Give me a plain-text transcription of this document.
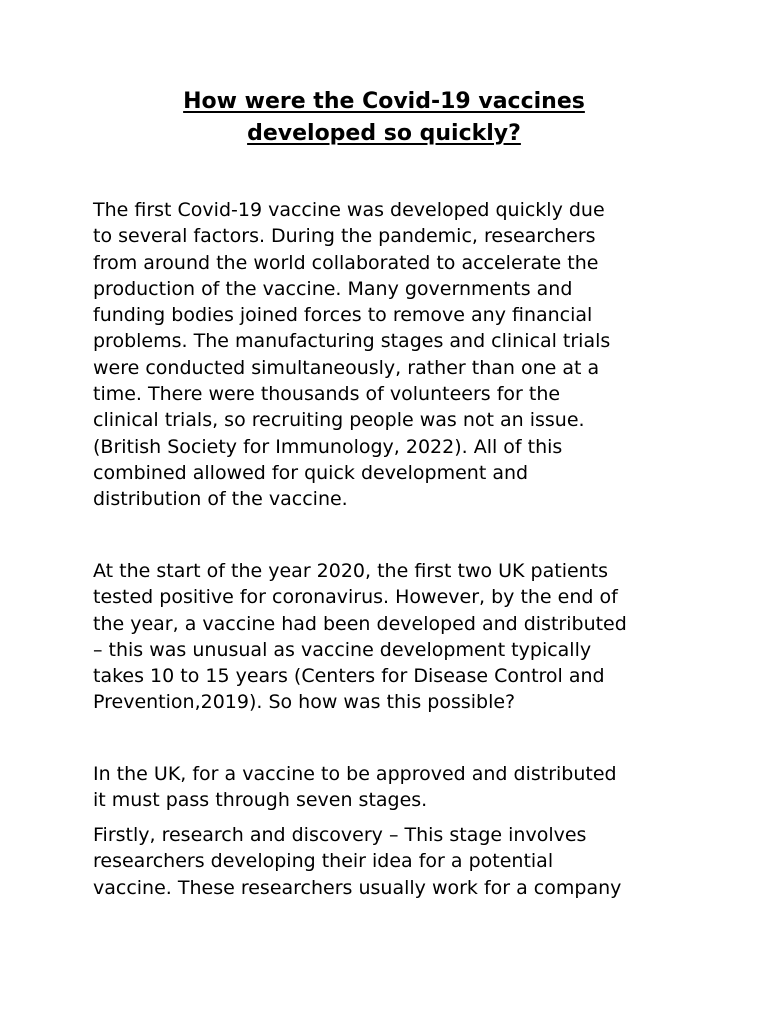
How were the Covid-19 vaccines
developed so quickly?

The first Covid-19 vaccine was developed quickly due
to several factors. During the pandemic, researchers
from around the world collaborated to accelerate the
production of the vaccine. Many governments and
funding bodies joined forces to remove any financial
problems. The manufacturing stages and clinical trials
were conducted simultaneously, rather than one at a
time. There were thousands of volunteers for the
clinical trials, so recruiting people was not an issue.
(British Society for Immunology, 2022). All of this
combined allowed for quick development and
distribution of the vaccine.

At the start of the year 2020, the first two UK patients
tested positive for coronavirus. However, by the end of
the year, a vaccine had been developed and distributed
– this was unusual as vaccine development typically
takes 10 to 15 years (Centers for Disease Control and
Prevention,2019). So how was this possible?

In the UK, for a vaccine to be approved and distributed
it must pass through seven stages.

Firstly, research and discovery – This stage involves
researchers developing their idea for a potential
vaccine. These researchers usually work for a company
